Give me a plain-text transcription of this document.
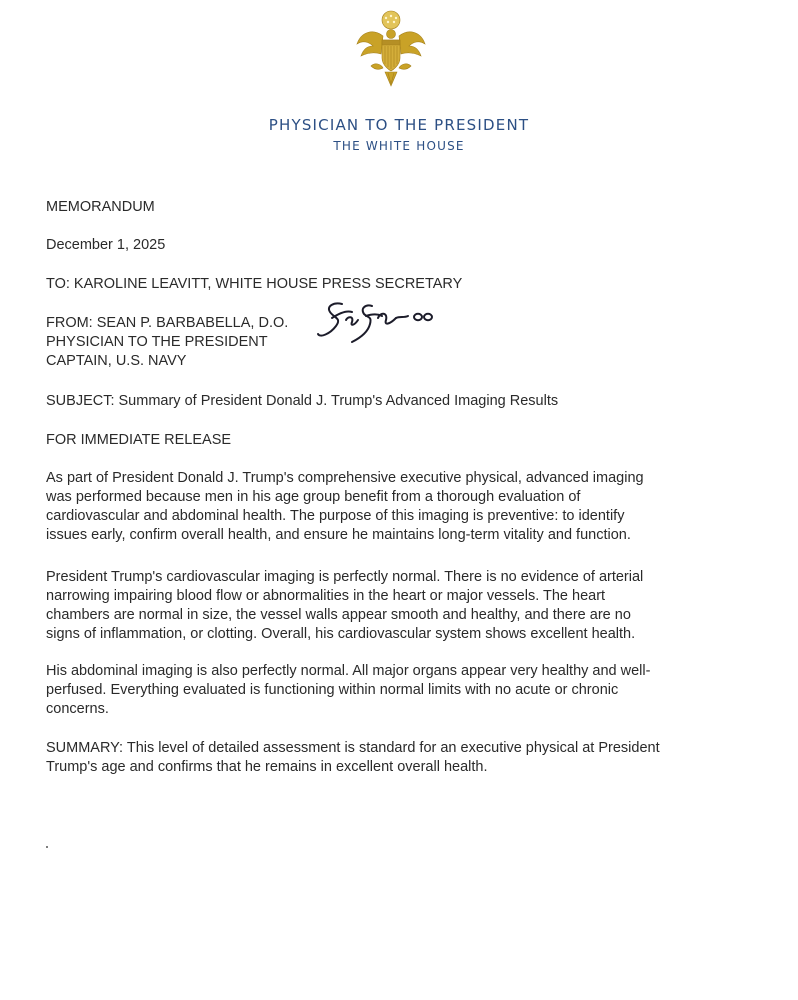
PHYSICIAN TO THE PRESIDENT
THE WHITE HOUSE
MEMORANDUM
December 1, 2025
TO: KAROLINE LEAVITT, WHITE HOUSE PRESS SECRETARY
FROM: SEAN P. BARBABELLA, D.O.
PHYSICIAN TO THE PRESIDENT
CAPTAIN, U.S. NAVY
SUBJECT: Summary of President Donald J. Trump's Advanced Imaging Results
FOR IMMEDIATE RELEASE
As part of President Donald J. Trump's comprehensive executive physical, advanced imaging
was performed because men in his age group benefit from a thorough evaluation of
cardiovascular and abdominal health. The purpose of this imaging is preventive: to identify
issues early, confirm overall health, and ensure he maintains long-term vitality and function.
President Trump's cardiovascular imaging is perfectly normal. There is no evidence of arterial
narrowing impairing blood flow or abnormalities in the heart or major vessels. The heart
chambers are normal in size, the vessel walls appear smooth and healthy, and there are no
signs of inflammation, or clotting. Overall, his cardiovascular system shows excellent health.
His abdominal imaging is also perfectly normal. All major organs appear very healthy and well-
perfused. Everything evaluated is functioning within normal limits with no acute or chronic
concerns.
SUMMARY: This level of detailed assessment is standard for an executive physical at President
Trump's age and confirms that he remains in excellent overall health.
